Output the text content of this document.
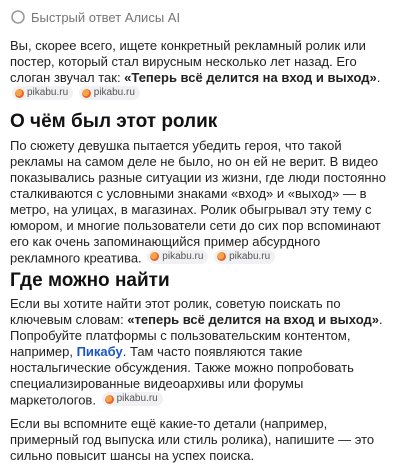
Быстрый ответ Алисы AI

Вы, скорее всего, ищете конкретный рекламный ролик или постер, который стал вирусным несколько лет назад. Его слоган звучал так: «Теперь всё делится на вход и выход».
pikabu.ru
	pikabu.ru

О чём был этот ролик

По сюжету девушка пытается убедить героя, что такой рекламы на самом деле не было, но он ей не верит. В видео показывались разные ситуации из жизни, где люди постоянно сталкиваются с условными знаками «вход» и «выход» — в метро, на улицах, в магазинах. Ролик обыгрывал эту тему с юмором, и многие пользователи сети до сих пор вспоминают его как очень запоминающийся пример абсурдного рекламного креатива. pikabu.ru
	pikabu.ru

Где можно найти

Если вы хотите найти этот ролик, советую поискать по ключевым словам: «теперь всё делится на вход и выход». Попробуйте платформы с пользовательским контентом, например, Пикабу. Там часто появляются такие ностальгические обсуждения. Также можно попробовать специализированные видеоархивы или форумы маркетологов. pikabu.ru

Если вы вспомните ещё какие-то детали (например, примерный год выпуска или стиль ролика), напишите — это сильно повысит шансы на успех поиска.
